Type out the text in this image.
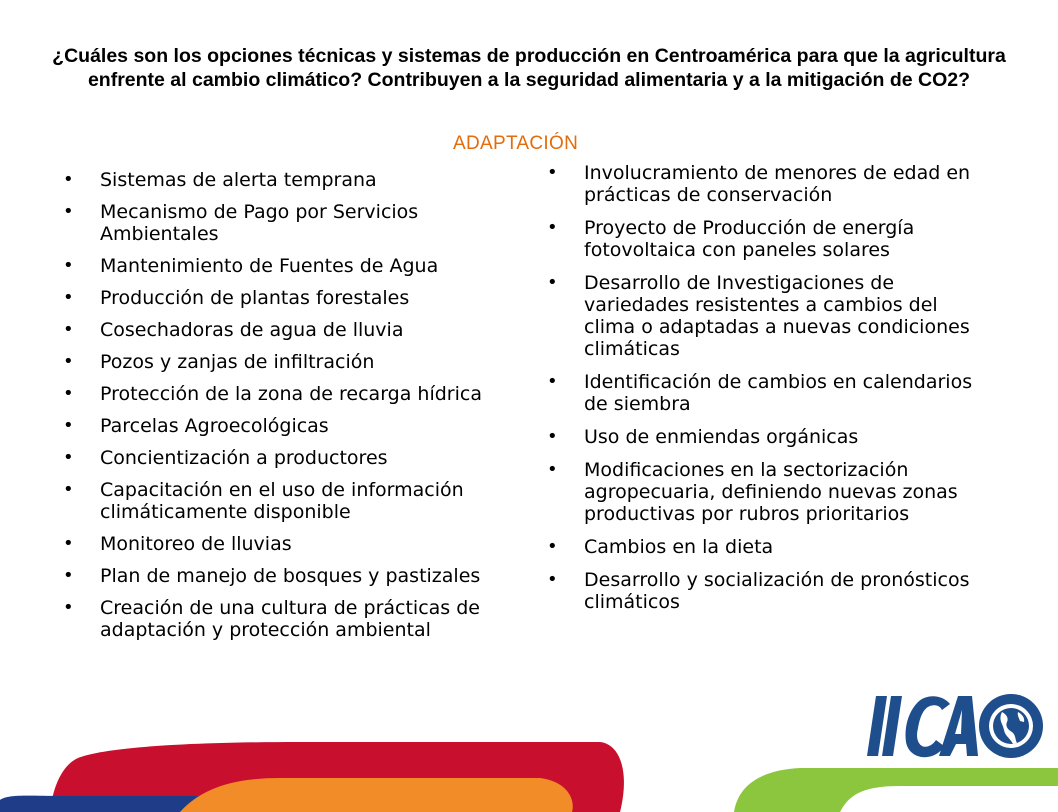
¿Cuáles son los opciones técnicas y sistemas de producción en Centroamérica para que la agricultura enfrente al cambio climático? Contribuyen a la seguridad alimentaria y a la mitigación de CO2?
ADAPTACIÓN
• Sistemas de alerta temprana
• Mecanismo de Pago por Servicios Ambientales
• Mantenimiento de Fuentes de Agua
• Producción de plantas forestales
• Cosechadoras de agua de lluvia
• Pozos y zanjas de infiltración
• Protección de la zona de recarga hídrica
• Parcelas Agroecológicas
• Concientización a productores
• Capacitación en el uso de información climáticamente disponible
• Monitoreo de lluvias
• Plan de manejo de bosques y pastizales
• Creación de una cultura de prácticas de adaptación y protección ambiental
• Involucramiento de menores de edad en prácticas de conservación
• Proyecto de Producción de energía fotovoltaica con paneles solares
• Desarrollo de Investigaciones de variedades resistentes a cambios del clima o adaptadas a nuevas condiciones climáticas
• Identificación de cambios en calendarios de siembra
• Uso de enmiendas orgánicas
• Modificaciones en la sectorización agropecuaria, definiendo nuevas zonas productivas por rubros prioritarios
• Cambios en la dieta
• Desarrollo y socialización de pronósticos climáticos
